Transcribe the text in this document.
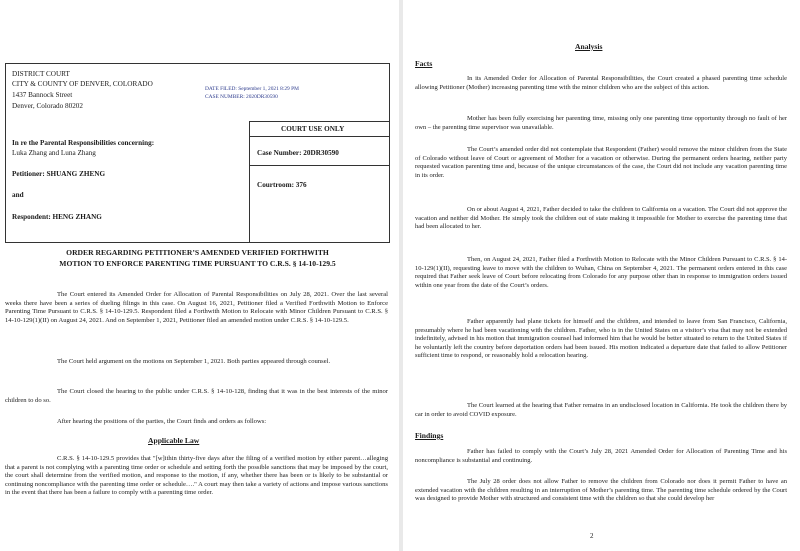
DISTRICT COURT
CITY & COUNTY OF DENVER, COLORADO
1437 Bannock Street
Denver, Colorado 80202
DATE FILED: September 1, 2021 8:29 PM
CASE NUMBER: 2020DR30590
COURT USE ONLY
In re the Parental Responsibilities concerning:
Luka Zhang and Luna Zhang	Case Number: 20DR30590
Petitioner: SHUANG ZHENG
Courtroom: 376
and
Respondent: HENG ZHANG
ORDER REGARDING PETITIONER’S AMENDED VERIFIED FORTHWITH
MOTION TO ENFORCE PARENTING TIME PURSUANT TO C.R.S. § 14-10-129.5

The Court entered its Amended Order for Allocation of Parental Responsibilities on July 28, 2021. Over the last several weeks there have been a series of dueling filings in this case. On August 16, 2021, Petitioner filed a Verified Forthwith Motion to Enforce Parenting Time Pursuant to C.R.S. § 14-10-129.5. Respondent filed a Forthwith Motion to Relocate with Minor Children Pursuant to C.R.S. § 14-10-129(1)(II) on August 24, 2021. And on September 1, 2021, Petitioner filed an amended motion under C.R.S. § 14-10-129.5.

The Court held argument on the motions on September 1, 2021. Both parties appeared through counsel.

The Court closed the hearing to the public under C.R.S. § 14-10-128, finding that it was in the best interests of the minor children to do so.

After hearing the positions of the parties, the Court finds and orders as follows:

Applicable Law

C.R.S. § 14-10-129.5 provides that "[w]ithin thirty-five days after the filing of a verified motion by either parent…alleging that a parent is not complying with a parenting time order or schedule and setting forth the possible sanctions that may be imposed by the court, the court shall determine from the verified motion, and response to the motion, if any, whether there has been or is likely to be substantial or continuing noncompliance with the parenting time order or schedule…." A court may then take a variety of actions and impose various sanctions in the event that there has been a failure to comply with a parenting time order.

Analysis
Facts

In its Amended Order for Allocation of Parental Responsibilities, the Court created a phased parenting time schedule allowing Petitioner (Mother) increasing parenting time with the minor children who are the subject of this action.

Mother has been fully exercising her parenting time, missing only one parenting time opportunity through no fault of her own – the parenting time supervisor was unavailable.

The Court’s amended order did not contemplate that Respondent (Father) would remove the minor children from the State of Colorado without leave of Court or agreement of Mother for a vacation or otherwise. During the permanent orders hearing, neither party requested vacation parenting time and, because of the unique circumstances of the case, the Court did not include any vacation parenting time in its order.

On or about August 4, 2021, Father decided to take the children to California on a vacation. The Court did not approve the vacation and neither did Mother. He simply took the children out of state making it impossible for Mother to exercise the parenting time that had been allocated to her.

Then, on August 24, 2021, Father filed a Forthwith Motion to Relocate with the Minor Children Pursuant to C.R.S. § 14-10-129(1)(II), requesting leave to move with the children to Wuhan, China on September 4, 2021. The permanent orders entered in this case required that Father seek leave of Court before relocating from Colorado for any purpose other than in response to immigration orders issued within one year from the date of the Court’s orders.

Father apparently had plane tickets for himself and the children, and intended to leave from San Francisco, California, presumably where he had been vacationing with the children. Father, who is in the United States on a visitor’s visa that may not be extended indefinitely, advised in his motion that immigration counsel had informed him that he would be better situated to return to the United States if he voluntarily left the country before deportation orders had been issued. His motion indicated a departure date that failed to allow Petitioner sufficient time to respond, or reasonably hold a relocation hearing.

The Court learned at the hearing that Father remains in an undisclosed location in California. He took the children there by car in order to avoid COVID exposure.

Findings

Father has failed to comply with the Court’s July 28, 2021 Amended Order for Allocation of Parenting Time and his noncompliance is substantial and continuing.

The July 28 order does not allow Father to remove the children from Colorado nor does it permit Father to have an extended vacation with the children resulting in an interruption of Mother’s parenting time. The parenting time schedule ordered by the Court was designed to provide Mother with structured and consistent time with the children so that she could develop her

2
